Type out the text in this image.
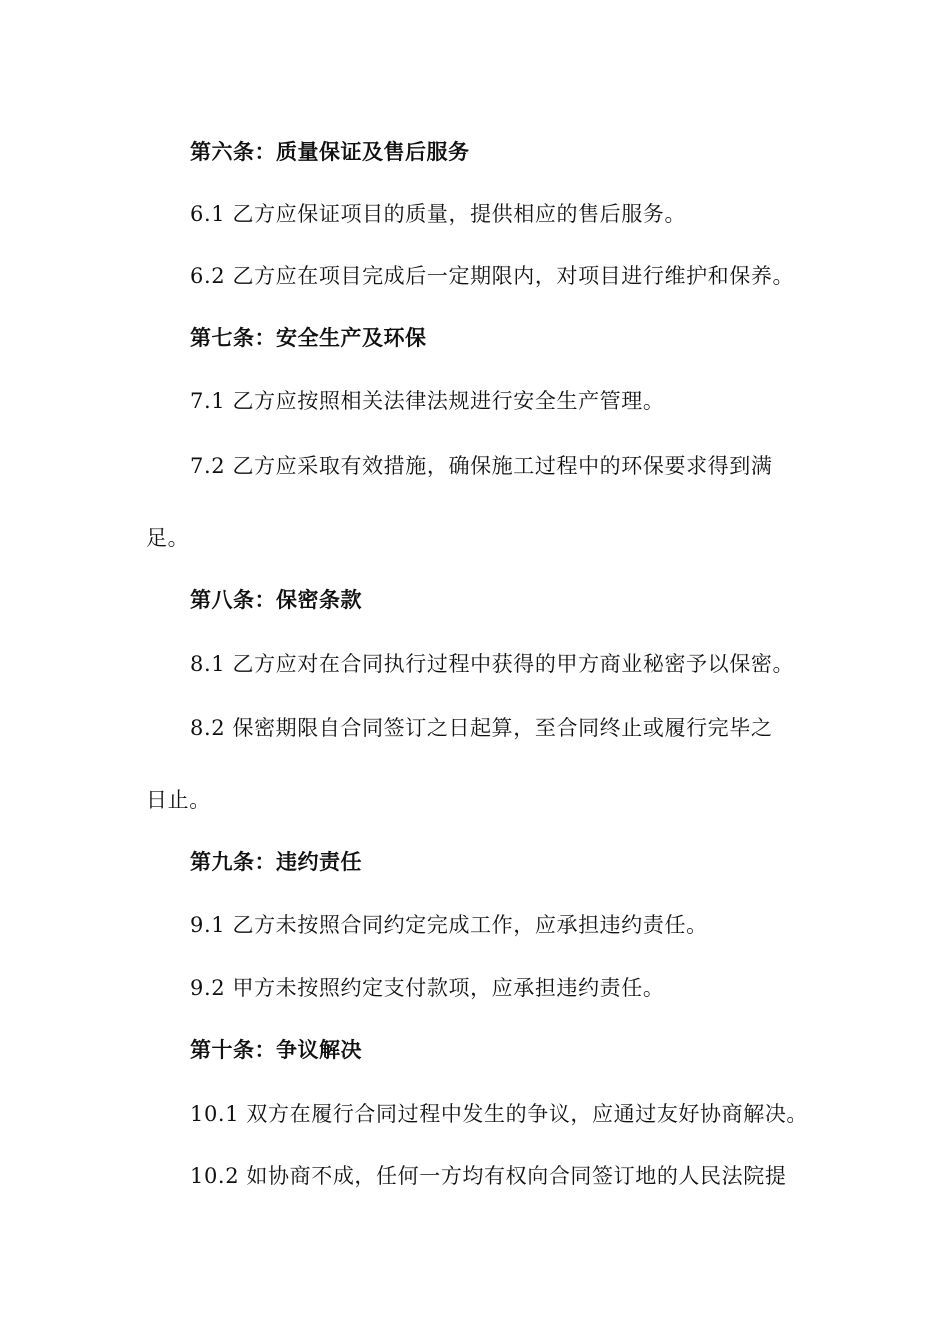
第六条：质量保证及售后服务
6.1 乙方应保证项目的质量，提供相应的售后服务。
6.2 乙方应在项目完成后一定期限内，对项目进行维护和保养。
第七条：安全生产及环保
7.1 乙方应按照相关法律法规进行安全生产管理。
7.2 乙方应采取有效措施，确保施工过程中的环保要求得到满
足。
第八条：保密条款
8.1 乙方应对在合同执行过程中获得的甲方商业秘密予以保密。
8.2 保密期限自合同签订之日起算，至合同终止或履行完毕之
日止。
第九条：违约责任
9.1 乙方未按照合同约定完成工作，应承担违约责任。
9.2 甲方未按照约定支付款项，应承担违约责任。
第十条：争议解决
10.1 双方在履行合同过程中发生的争议，应通过友好协商解决。
10.2 如协商不成，任何一方均有权向合同签订地的人民法院提
